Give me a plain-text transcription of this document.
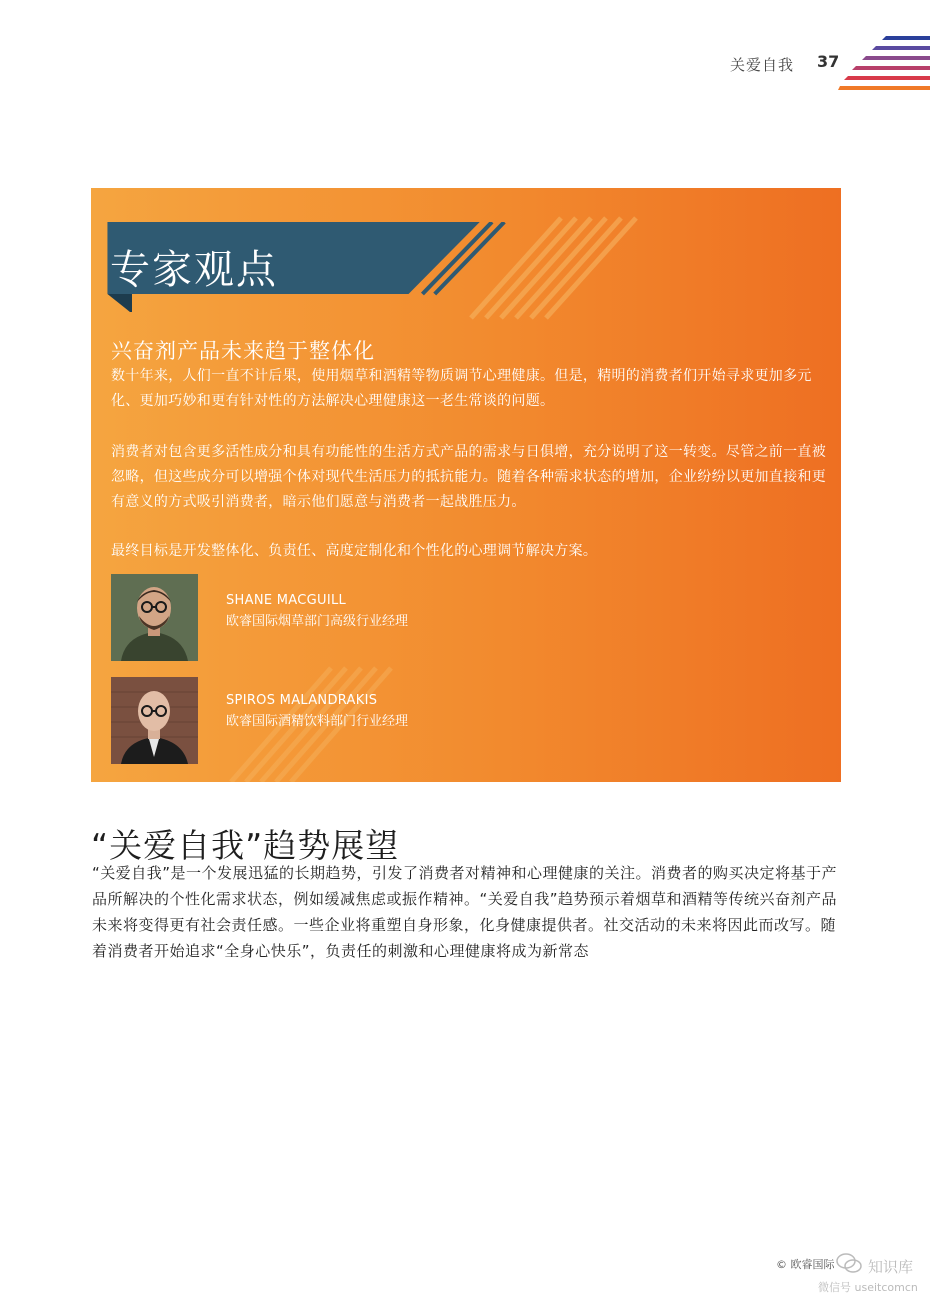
关爱自我 37
专家观点
兴奋剂产品未来趋于整体化
数十年来，人们一直不计后果，使用烟草和酒精等物质调节心理健康。但是，精明的消费者们开始寻求更加多元化、更加巧妙和更有针对性的方法解决心理健康这一老生常谈的问题。
消费者对包含更多活性成分和具有功能性的生活方式产品的需求与日俱增，充分说明了这一转变。尽管之前一直被忽略，但这些成分可以增强个体对现代生活压力的抵抗能力。随着各种需求状态的增加，企业纷纷以更加直接和更有意义的方式吸引消费者，暗示他们愿意与消费者一起战胜压力。
最终目标是开发整体化、负责任、高度定制化和个性化的心理调节解决方案。
SHANE MACGUILL
欧睿国际烟草部门高级行业经理
SPIROS MALANDRAKIS
欧睿国际酒精饮料部门行业经理
“关爱自我”趋势展望
“关爱自我”是一个发展迅猛的长期趋势，引发了消费者对精神和心理健康的关注。消费者的购买决定将基于产品所解决的个性化需求状态，例如缓减焦虑或振作精神。“关爱自我”趋势预示着烟草和酒精等传统兴奋剂产品未来将变得更有社会责任感。一些企业将重塑自身形象，化身健康提供者。社交活动的未来将因此而改写。随着消费者开始追求“全身心快乐”，负责任的刺激和心理健康将成为新常态
© 欧睿国际 知识库
微信号 useitcomcn
